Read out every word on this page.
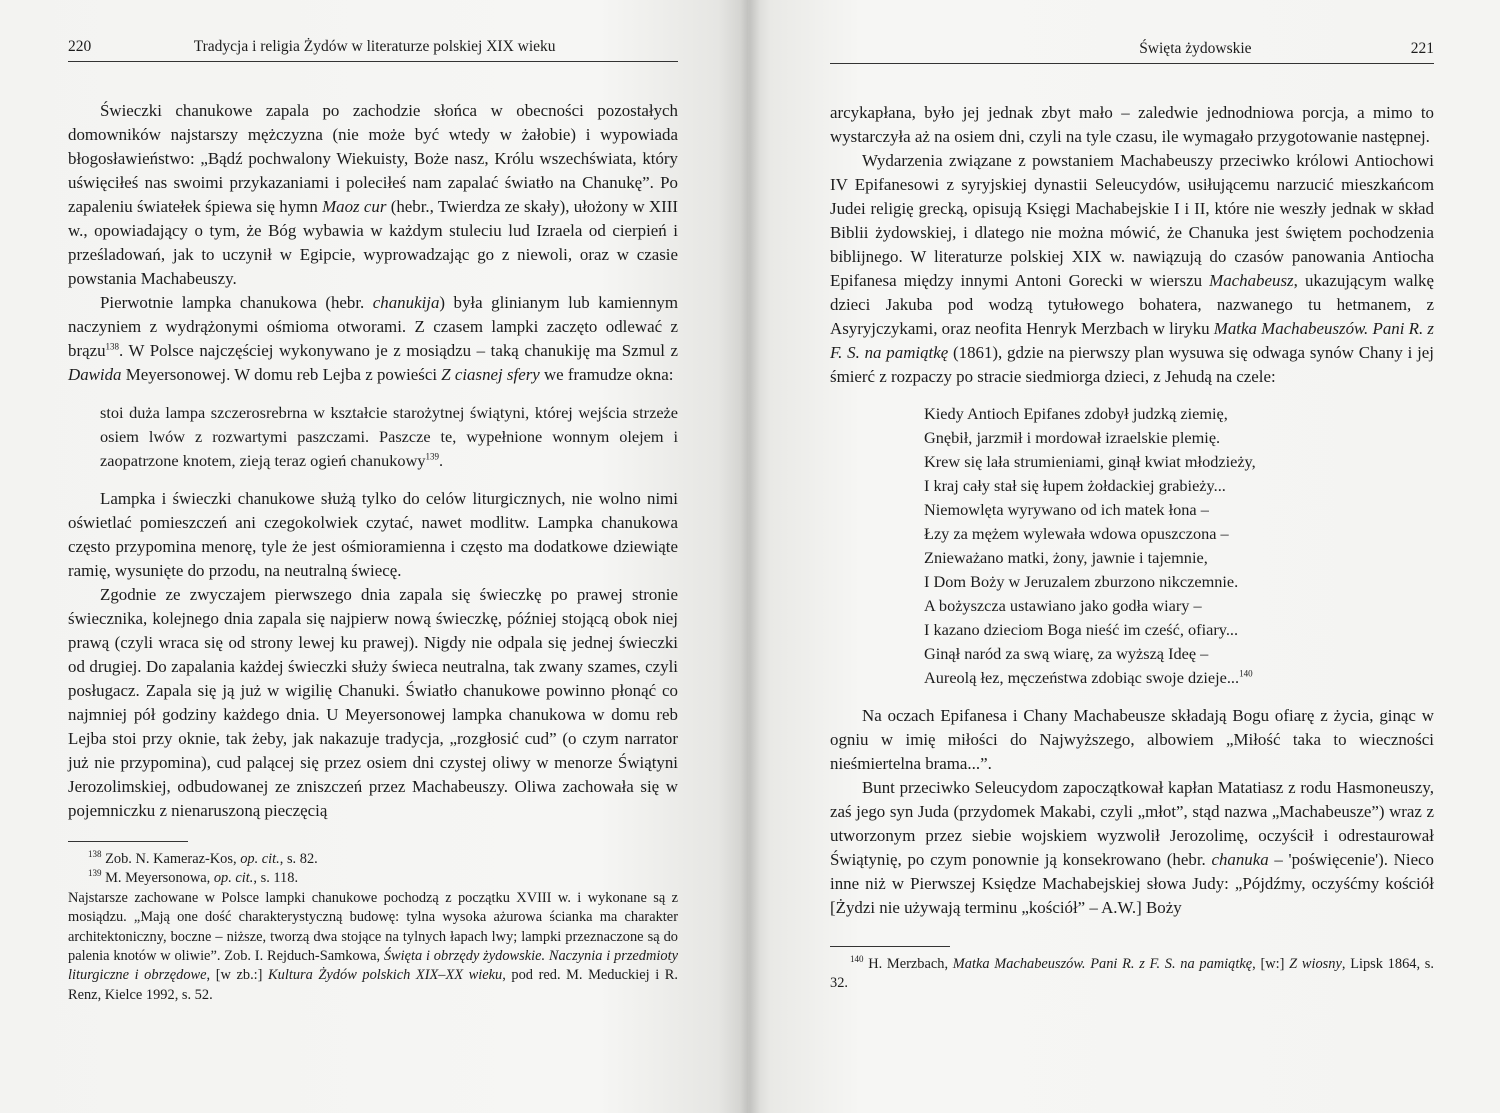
220	Tradycja i religia Żydów w literaturze polskiej XIX wieku

Świeczki chanukowe zapala po zachodzie słońca w obecności pozostałych domowników najstarszy mężczyzna (nie może być wtedy w żałobie) i wypowiada błogosławieństwo: „Bądź pochwalony Wiekuisty, Boże nasz, Królu wszechświata, który uświęciłeś nas swoimi przykazaniami i poleciłeś nam zapalać światło na Chanukę”. Po zapaleniu światełek śpiewa się hymn Maoz cur (hebr., Twierdza ze skały), ułożony w XIII w., opowiadający o tym, że Bóg wybawia w każdym stuleciu lud Izraela od cierpień i prześladowań, jak to uczynił w Egipcie, wyprowadzając go z niewoli, oraz w czasie powstania Machabeuszy.

Pierwotnie lampka chanukowa (hebr. chanukija) była glinianym lub kamiennym naczyniem z wydrążonymi ośmioma otworami. Z czasem lampki zaczęto odlewać z brązu$^{138}$. W Polsce najczęściej wykonywano je z mosiądzu – taką chanukiję ma Szmul z Dawida Meyersonowej. W domu reb Lejba z powieści Z ciasnej sfery we framudze okna:

stoi duża lampa szczerosrebrna w kształcie starożytnej świątyni, której wejścia strzeże osiem lwów z rozwartymi paszczami. Paszcze te, wypełnione wonnym olejem i zaopatrzone knotem, zieją teraz ogień chanukowy$^{139}$.

Lampka i świeczki chanukowe służą tylko do celów liturgicznych, nie wolno nimi oświetlać pomieszczeń ani czegokolwiek czytać, nawet modlitw. Lampka chanukowa często przypomina menorę, tyle że jest ośmioramienna i często ma dodatkowe dziewiąte ramię, wysunięte do przodu, na neutralną świecę.

Zgodnie ze zwyczajem pierwszego dnia zapala się świeczkę po prawej stronie świecznika, kolejnego dnia zapala się najpierw nową świeczkę, później stojącą obok niej prawą (czyli wraca się od strony lewej ku prawej). Nigdy nie odpala się jednej świeczki od drugiej. Do zapalania każdej świeczki służy świeca neutralna, tak zwany szames, czyli posługacz. Zapala się ją już w wigilię Chanuki. Światło chanukowe powinno płonąć co najmniej pół godziny każdego dnia. U Meyersonowej lampka chanukowa w domu reb Lejba stoi przy oknie, tak żeby, jak nakazuje tradycja, „rozgłosić cud” (o czym narrator już nie przypomina), cud palącej się przez osiem dni czystej oliwy w menorze Świątyni Jerozolimskiej, odbudowanej ze zniszczeń przez Machabeuszy. Oliwa zachowała się w pojemniczku z nienaruszoną pieczęcią

$^{138}$ Zob. N. Kameraz-Kos, op. cit., s. 82.

$^{139}$ M. Meyersonowa, op. cit., s. 118.

Najstarsze zachowane w Polsce lampki chanukowe pochodzą z początku XVIII w. i wykonane są z mosiądzu. „Mają one dość charakterystyczną budowę: tylna wysoka ażurowa ścianka ma charakter architektoniczny, boczne – niższe, tworzą dwa stojące na tylnych łapach lwy; lampki przeznaczone są do palenia knotów w oliwie”. Zob. I. Rejduch-Samkowa, Święta i obrzędy żydowskie. Naczynia i przedmioty liturgiczne i obrzędowe, [w zb.:] Kultura Żydów polskich XIX–XX wieku, pod red. M. Meduckiej i R. Renz, Kielce 1992, s. 52.

Święta żydowskie	221

arcykapłana, było jej jednak zbyt mało – zaledwie jednodniowa porcja, a mimo to wystarczyła aż na osiem dni, czyli na tyle czasu, ile wymagało przygotowanie następnej.

Wydarzenia związane z powstaniem Machabeuszy przeciwko królowi Antiochowi IV Epifanesowi z syryjskiej dynastii Seleucydów, usiłującemu narzucić mieszkańcom Judei religię grecką, opisują Księgi Machabejskie I i II, które nie weszły jednak w skład Biblii żydowskiej, i dlatego nie można mówić, że Chanuka jest świętem pochodzenia biblijnego. W literaturze polskiej XIX w. nawiązują do czasów panowania Antiocha Epifanesa między innymi Antoni Gorecki w wierszu Machabeusz, ukazującym walkę dzieci Jakuba pod wodzą tytułowego bohatera, nazwanego tu hetmanem, z Asyryjczykami, oraz neofita Henryk Merzbach w liryku Matka Machabeuszów. Pani R. z F. S. na pamiątkę (1861), gdzie na pierwszy plan wysuwa się odwaga synów Chany i jej śmierć z rozpaczy po stracie siedmiorga dzieci, z Jehudą na czele:

Kiedy Antioch Epifanes zdobył judzką ziemię,
Gnębił, jarzmił i mordował izraelskie plemię.
Krew się lała strumieniami, ginął kwiat młodzieży,
I kraj cały stał się łupem żołdackiej grabieży...
Niemowlęta wyrywano od ich matek łona –
Łzy za mężem wylewała wdowa opuszczona –
Znieważano matki, żony, jawnie i tajemnie,
I Dom Boży w Jeruzalem zburzono nikczemnie.
A bożyszcza ustawiano jako godła wiary –
I kazano dzieciom Boga nieść im cześć, ofiary...
Ginął naród za swą wiarę, za wyższą Ideę –
Aureolą łez, męczeństwa zdobiąc swoje dzieje...$^{140}$

Na oczach Epifanesa i Chany Machabeusze składają Bogu ofiarę z życia, ginąc w ogniu w imię miłości do Najwyższego, albowiem „Miłość taka to wieczności nieśmiertelna brama...”.

Bunt przeciwko Seleucydom zapoczątkował kapłan Matatiasz z rodu Hasmoneuszy, zaś jego syn Juda (przydomek Makabi, czyli „młot”, stąd nazwa „Machabeusze”) wraz z utworzonym przez siebie wojskiem wyzwolił Jerozolimę, oczyścił i odrestaurował Świątynię, po czym ponownie ją konsekrowano (hebr. chanuka – 'poświęcenie'). Nieco inne niż w Pierwszej Księdze Machabejskiej słowa Judy: „Pójdźmy, oczyśćmy kościół [Żydzi nie używają terminu „kościół” – A.W.] Boży

$^{140}$ H. Merzbach, Matka Machabeuszów. Pani R. z F. S. na pamiątkę, [w:] Z wiosny, Lipsk 1864, s. 32.
